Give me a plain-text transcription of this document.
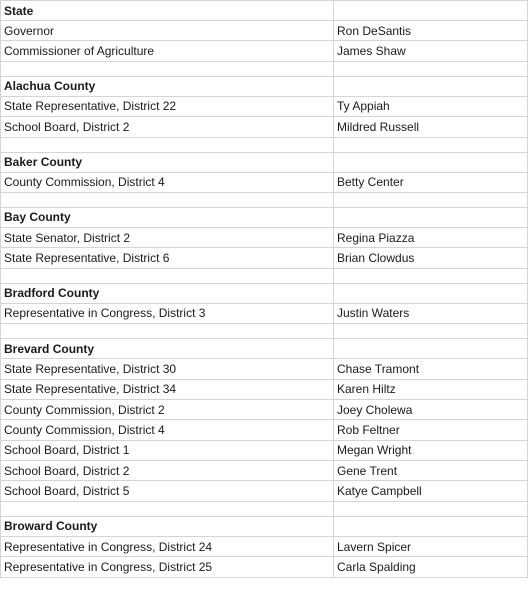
State	
Governor	Ron DeSantis
Commissioner of Agriculture	James Shaw

Alachua County	
State Representative, District 22	Ty Appiah
School Board, District 2	Mildred Russell

Baker County	
County Commission, District 4	Betty Center

Bay County	
State Senator, District 2	Regina Piazza
State Representative, District 6	Brian Clowdus

Bradford County	
Representative in Congress, District 3	Justin Waters

Brevard County	
State Representative, District 30	Chase Tramont
State Representative, District 34	Karen Hiltz
County Commission, District 2	Joey Cholewa
County Commission, District 4	Rob Feltner
School Board, District 1	Megan Wright
School Board, District 2	Gene Trent
School Board, District 5	Katye Campbell

Broward County	
Representative in Congress, District 24	Lavern Spicer
Representative in Congress, District 25	Carla Spalding
